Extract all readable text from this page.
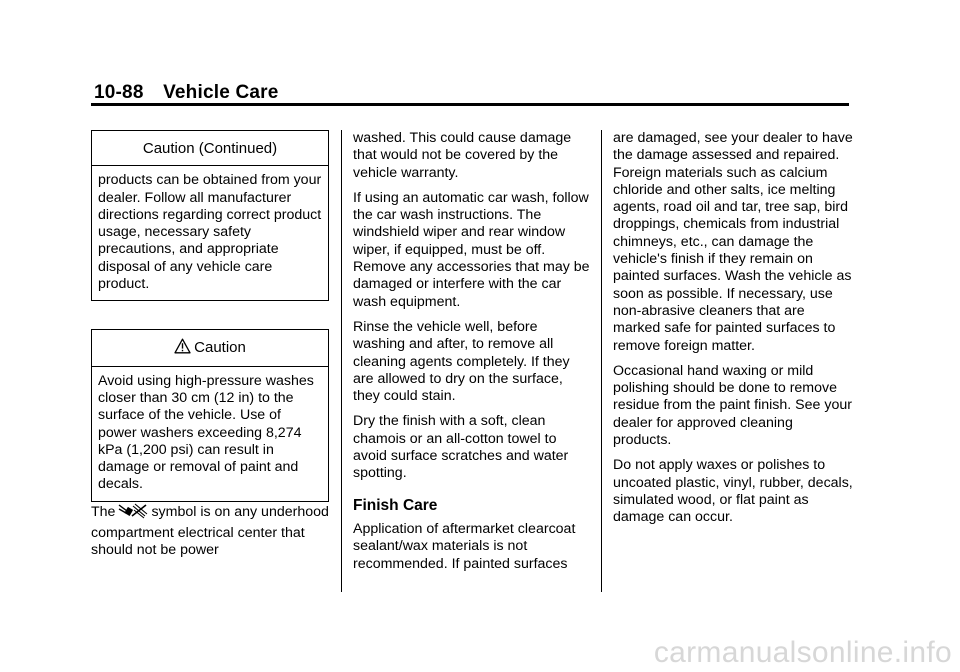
10-88 Vehicle Care
Caution (Continued)
products can be obtained from your dealer. Follow all manufacturer directions regarding correct product usage, necessary safety precautions, and appropriate disposal of any vehicle care product.
Caution
Avoid using high-pressure washes closer than 30 cm (12 in) to the surface of the vehicle. Use of power washers exceeding 8,274 kPa (1,200 psi) can result in damage or removal of paint and decals.

The	symbol is on any underhood compartment electrical center that should not be power

washed. This could cause damage that would not be covered by the vehicle warranty.

If using an automatic car wash, follow the car wash instructions. The windshield wiper and rear window wiper, if equipped, must be off. Remove any accessories that may be damaged or interfere with the car wash equipment.

Rinse the vehicle well, before washing and after, to remove all cleaning agents completely. If they are allowed to dry on the surface, they could stain.

Dry the finish with a soft, clean chamois or an all-cotton towel to avoid surface scratches and water spotting.

Finish Care

Application of aftermarket clearcoat sealant/wax materials is not recommended. If painted surfaces

are damaged, see your dealer to have the damage assessed and repaired. Foreign materials such as calcium chloride and other salts, ice melting agents, road oil and tar, tree sap, bird droppings, chemicals from industrial chimneys, etc., can damage the vehicle's finish if they remain on painted surfaces. Wash the vehicle as soon as possible. If necessary, use non-abrasive cleaners that are marked safe for painted surfaces to remove foreign matter.

Occasional hand waxing or mild polishing should be done to remove residue from the paint finish. See your dealer for approved cleaning products.

Do not apply waxes or polishes to uncoated plastic, vinyl, rubber, decals, simulated wood, or flat paint as damage can occur.

carmanualsonline.info
